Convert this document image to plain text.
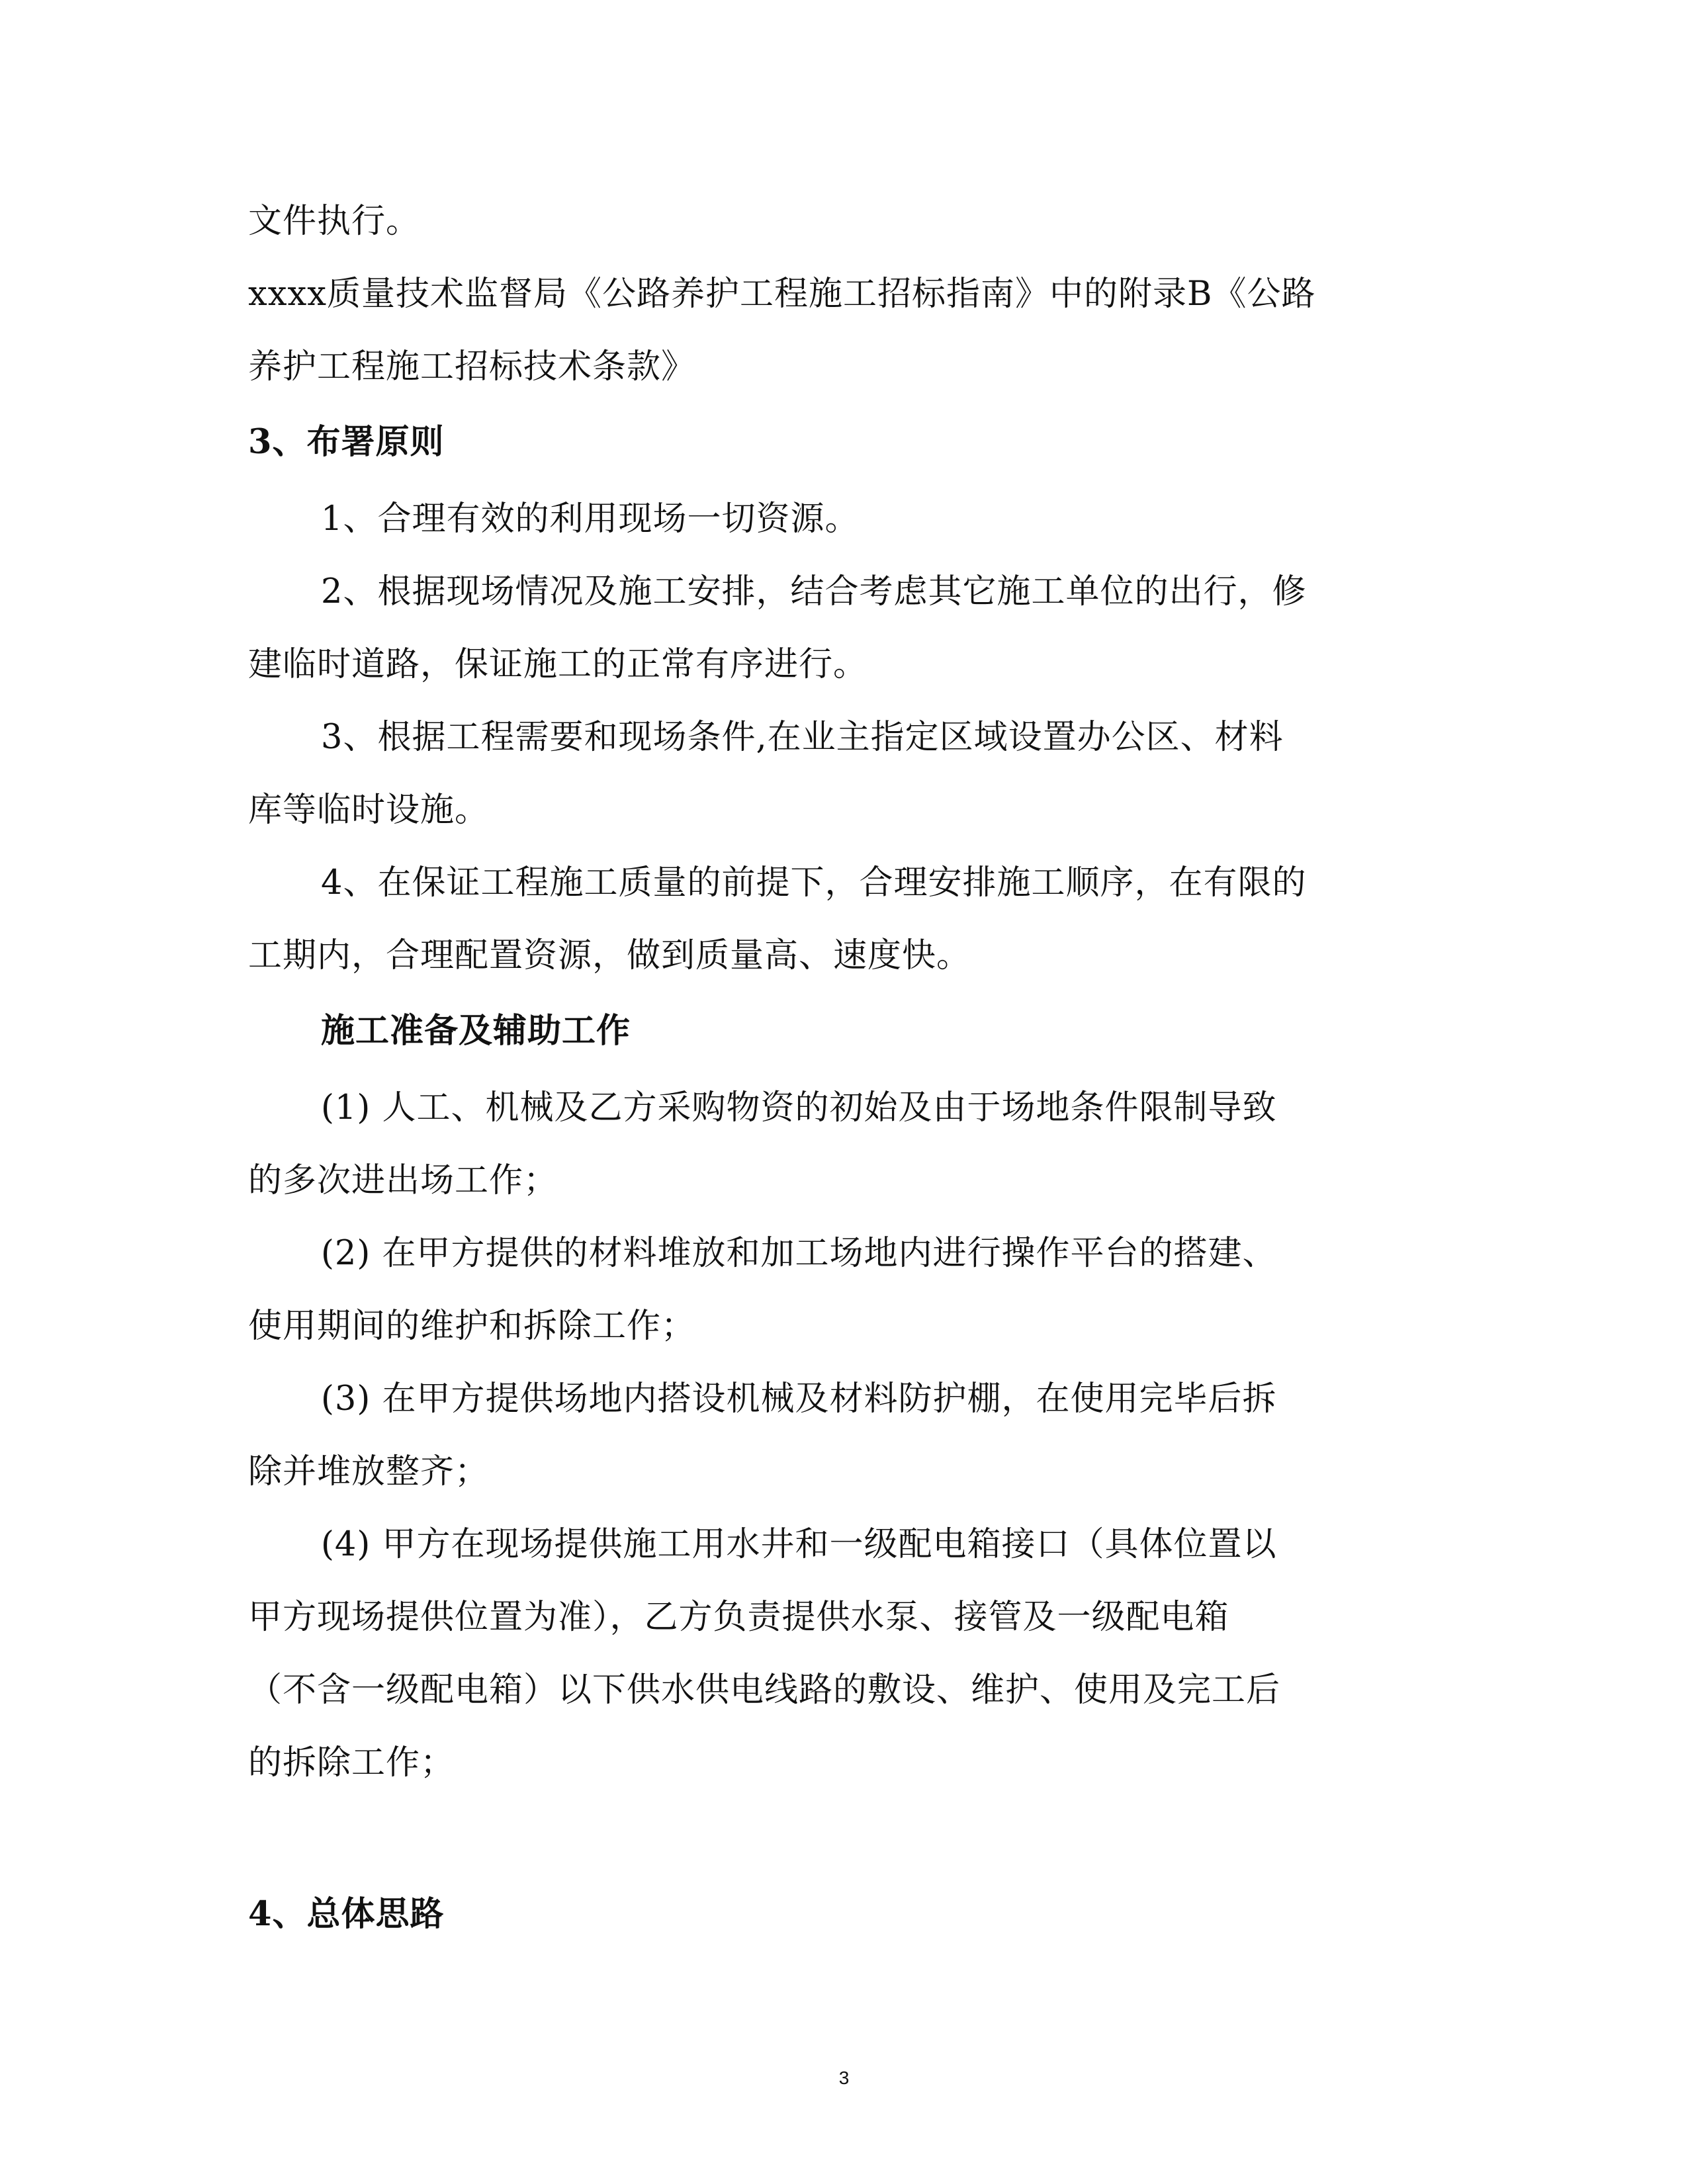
文件执行。
xxxx质量技术监督局《公路养护工程施工招标指南》中的附录B《公路
养护工程施工招标技术条款》
3、布署原则
1、合理有效的利用现场一切资源。
2、根据现场情况及施工安排，结合考虑其它施工单位的出行，修
建临时道路，保证施工的正常有序进行。
3、根据工程需要和现场条件,在业主指定区域设置办公区、材料
库等临时设施。
4、在保证工程施工质量的前提下，合理安排施工顺序，在有限的
工期内，合理配置资源，做到质量高、速度快。
施工准备及辅助工作
(1) 人工、机械及乙方采购物资的初始及由于场地条件限制导致
的多次进出场工作；
(2) 在甲方提供的材料堆放和加工场地内进行操作平台的搭建、
使用期间的维护和拆除工作；
(3) 在甲方提供场地内搭设机械及材料防护棚，在使用完毕后拆
除并堆放整齐；
(4) 甲方在现场提供施工用水井和一级配电箱接口（具体位置以
甲方现场提供位置为准），乙方负责提供水泵、接管及一级配电箱
（不含一级配电箱）以下供水供电线路的敷设、维护、使用及完工后
的拆除工作；
4、总体思路
3
